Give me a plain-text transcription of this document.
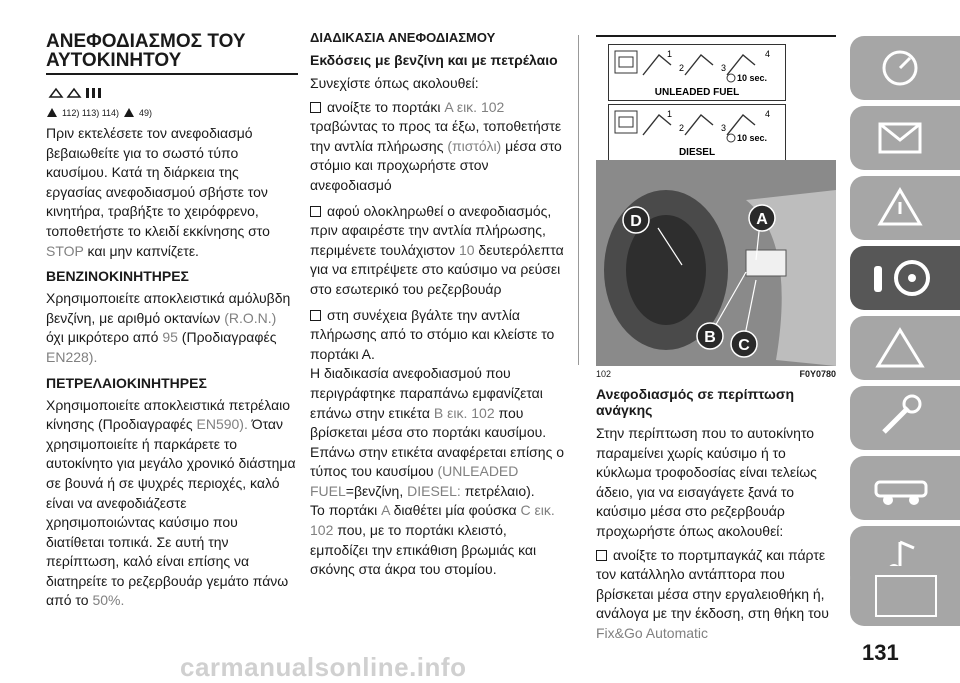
ΑΝΕΦΟΔΙΑΣΜΟΣ ΤΟΥ ΑΥΤΟΚΙΝΗΤΟΥ
112) 113) 114) 49)

Πριν εκτελέσετε τον ανεφοδιασμό βεβαιωθείτε για το σωστό τύπο καυσίμου. Κατά τη διάρκεια της εργασίας ανεφοδιασμού σβήστε τον κινητήρα, τραβήξτε το χειρόφρενο, τοποθετήστε το κλειδί εκκίνησης στο STOP και μην καπνίζετε.

ΒΕΝΖΙΝΟΚΙΝΗΤΗΡΕΣ

Χρησιμοποιείτε αποκλειστικά αμόλυβδη βενζίνη, με αριθμό οκτανίων (R.O.N.) όχι μικρότερο από 95 (Προδιαγραφές EN228).

ΠΕΤΡΕΛΑΙΟΚΙΝΗΤΗΡΕΣ

Χρησιμοποιείτε αποκλειστικά πετρέλαιο κίνησης (Προδιαγραφές EN590). Όταν χρησιμοποιείτε ή παρκάρετε το αυτοκίνητο για μεγάλο χρονικό διάστημα σε βουνά ή σε ψυχρές περιοχές, καλό είναι να ανεφοδιάζεστε χρησιμοποιώντας καύσιμο που διατίθεται τοπικά. Σε αυτή την περίπτωση, καλό είναι επίσης να διατηρείτε το ρεζερβουάρ γεμάτο πάνω από το 50%.

ΔΙΑΔΙΚΑΣΙΑ ΑΝΕΦΟΔΙΑΣΜΟΥ
Εκδόσεις με βενζίνη και με πετρέλαιο

Συνεχίστε όπως ακολουθεί:

ανοίξτε το πορτάκι A εικ. 102 τραβώντας το προς τα έξω, τοποθετήστε την αντλία πλήρωσης (πιστόλι) μέσα στο στόμιο και προχωρήστε στον ανεφοδιασμό

αφού ολοκληρωθεί ο ανεφοδιασμός, πριν αφαιρέστε την αντλία πλήρωσης, περιμένετε τουλάχιστον 10 δευτερόλεπτα για να επιτρέψετε στο καύσιμο να ρεύσει στο εσωτερικό του ρεζερβουάρ

στη συνέχεια βγάλτε την αντλία πλήρωσης από το στόμιο και κλείστε το πορτάκι Α.

Η διαδικασία ανεφοδιασμού που περιγράφτηκε παραπάνω εμφανίζεται επάνω στην ετικέτα B εικ. 102 που βρίσκεται μέσα στο πορτάκι καυσίμου.

Επάνω στην ετικέτα αναφέρεται επίσης ο τύπος του καυσίμου (UNLEADED FUEL=βενζίνη, DIESEL: πετρέλαιο).

Το πορτάκι A διαθέτει μία φούσκα C εικ. 102 που, με το πορτάκι κλειστό, εμποδίζει την επικάθιση βρωμιάς και σκόνης στα άκρα του στομίου.

1
2	3
4
10 sec.
UNLEADED FUEL
1
2	3
4
10 sec.
DIESEL
D	A
B C
102	F0Y0780
Ανεφοδιασμός σε περίπτωση ανάγκης

Στην περίπτωση που το αυτοκίνητο παραμείνει χωρίς καύσιμο ή το κύκλωμα τροφοδοσίας είναι τελείως άδειο, για να εισαγάγετε ξανά το καύσιμο μέσα στο ρεζερβουάρ προχωρήστε όπως ακολουθεί:

ανοίξτε το πορτμπαγκάζ και πάρτε τον κατάλληλο αντάπτορα που βρίσκεται μέσα στην εργαλειοθήκη ή, ανάλογα με την έκδοση, στη θήκη του Fix&Go Automatic

131
carmanualsonline.info
